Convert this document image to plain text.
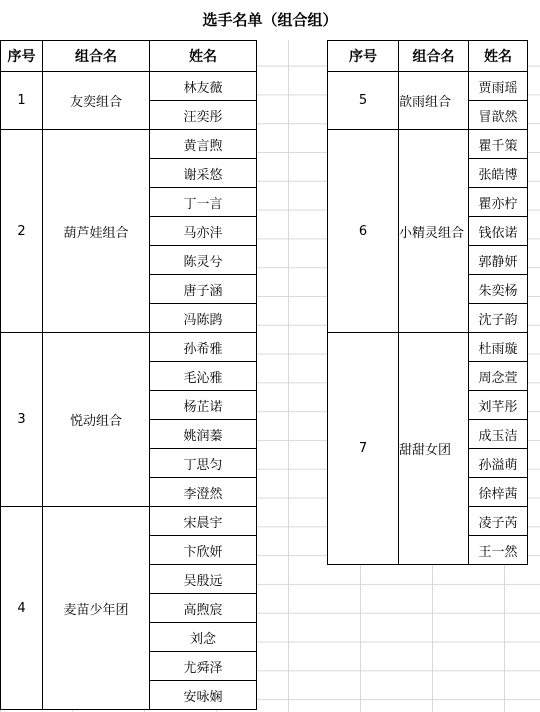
选手名单（组合组）
序号	组合名	姓名
1	友奕组合	林友薇
		汪奕彤
2	葫芦娃组合	黄言煦
		谢采悠
		丁一言
		马亦沣
		陈灵兮
		唐子涵
		冯陈鹍
3	悦动组合	孙希雅
		毛沁雅
		杨芷诺
		姚润蓁
		丁思匀
		李澄然
4	麦苗少年团	宋晨宇
		卞欣妍
		吴殷远
		高煦宸
		刘念
		尤舜泽
		安咏娴
序号	组合名	姓名
5	歆雨组合	贾雨瑶
		冒歆然
6	小精灵组合	瞿千策
		张皓博
		瞿亦柠
		钱依诺
		郭静妍
		朱奕杨
		沈子韵
7	甜甜女团	杜雨璇
		周念萱
		刘芊彤
		成玉洁
		孙溢萌
		徐梓茜
		凌子芮
		王一然
